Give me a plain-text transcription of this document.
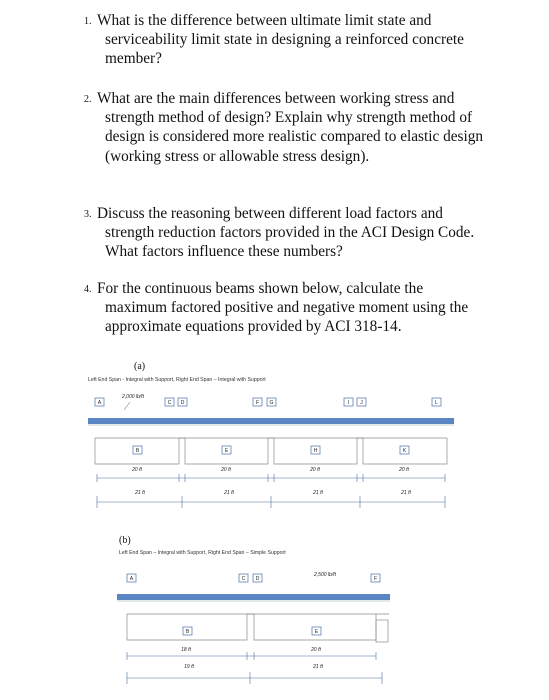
1. What is the difference between ultimate limit state and serviceability limit state in designing a reinforced concrete member?
2. What are the main differences between working stress and strength method of design? Explain why strength method of design is considered more realistic compared to elastic design (working stress or allowable stress design).
3. Discuss the reasoning between different load factors and strength reduction factors provided in the ACI Design Code. What factors influence these numbers?
4. For the continuous beams shown below, calculate the maximum factored positive and negative moment using the approximate equations provided by ACI 318-14.
(a)
Left End Span - Integral with Support, Right End Span – Integral with Support
(b)
Left End Span – Integral with Support, Right End Span – Simple Support
A	C D	F G	I J	L
2,000 lb/ft
B	E	H	K
20 ft	20 ft	20 ft	20 ft
21 ft	21 ft	21 ft	21 ft
A	C D	F
2,500 lb/ft
B	E
18 ft	20 ft
19 ft	21 ft
